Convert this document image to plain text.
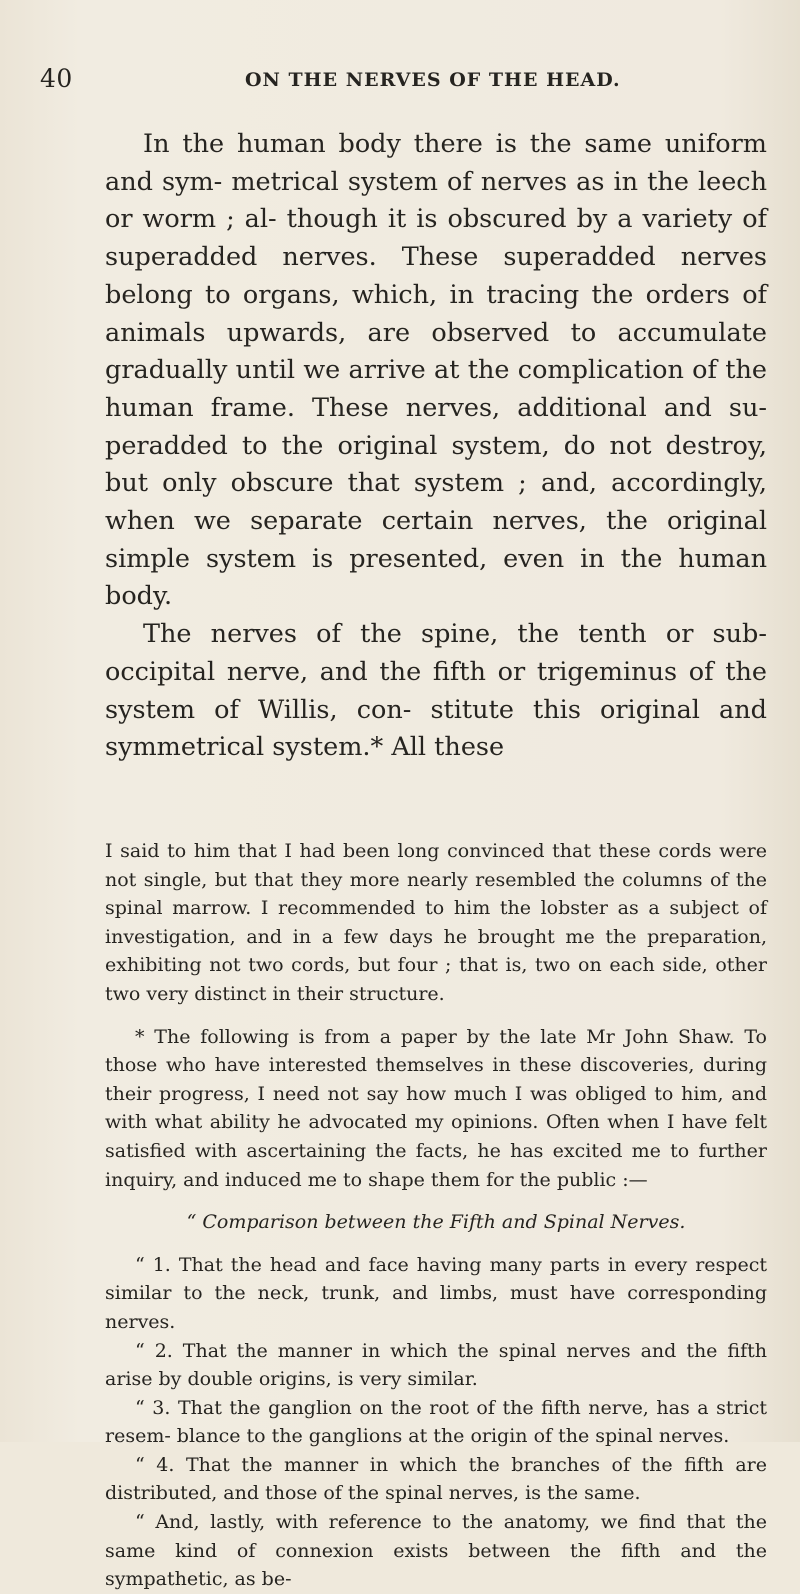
40	ON THE NERVES OF THE HEAD.

In the human body there is the same uniform and sym- metrical system of nerves as in the leech or worm ; al- though it is obscured by a variety of superadded nerves. These superadded nerves belong to organs, which, in tracing the orders of animals upwards, are observed to accumulate gradually until we arrive at the complication of the human frame. These nerves, additional and su- peradded to the original system, do not destroy, but only obscure that system ; and, accordingly, when we separate certain nerves, the original simple system is presented, even in the human body.

The nerves of the spine, the tenth or sub-occipital nerve, and the fifth or trigeminus of the system of Willis, con- stitute this original and symmetrical system.* All these

I said to him that I had been long convinced that these cords were not single, but that they more nearly resembled the columns of the spinal marrow. I recommended to him the lobster as a subject of investigation, and in a few days he brought me the preparation, exhibiting not two cords, but four ; that is, two on each side, other two very distinct in their structure.

* The following is from a paper by the late Mr John Shaw. To those who have interested themselves in these discoveries, during their progress, I need not say how much I was obliged to him, and with what ability he advocated my opinions. Often when I have felt satisfied with ascertaining the facts, he has excited me to further inquiry, and induced me to shape them for the public :—

“ Comparison between the Fifth and Spinal Nerves.

“ 1. That the head and face having many parts in every respect similar to the neck, trunk, and limbs, must have corresponding nerves.

“ 2. That the manner in which the spinal nerves and the fifth arise by double origins, is very similar.

“ 3. That the ganglion on the root of the fifth nerve, has a strict resem- blance to the ganglions at the origin of the spinal nerves.

“ 4. That the manner in which the branches of the fifth are distributed, and those of the spinal nerves, is the same.

“ And, lastly, with reference to the anatomy, we find that the same kind of connexion exists between the fifth and the sympathetic, as be-
